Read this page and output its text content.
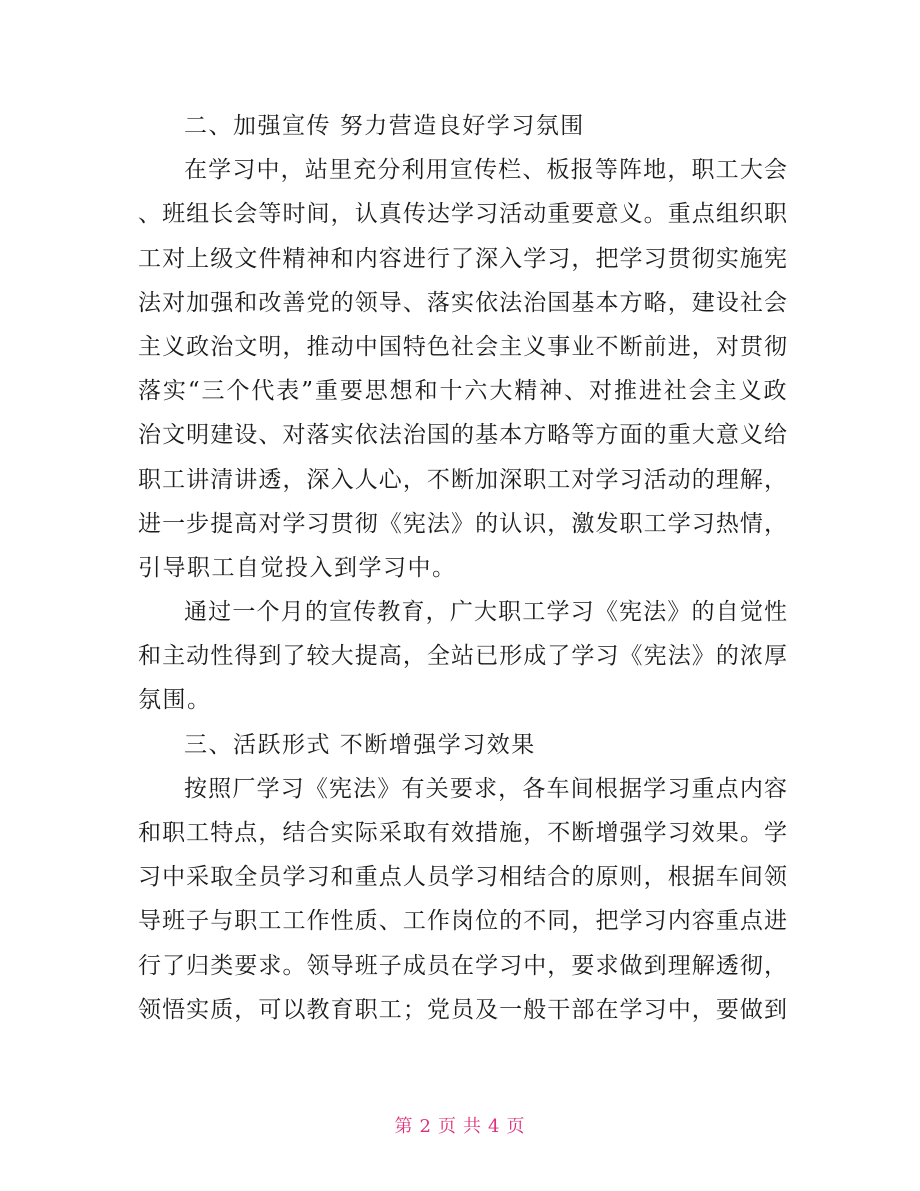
二、加强宣传 努力营造良好学习氛围
在学习中，站里充分利用宣传栏、板报等阵地，职工大会
、班组长会等时间，认真传达学习活动重要意义。重点组织职
工对上级文件精神和内容进行了深入学习，把学习贯彻实施宪
法对加强和改善党的领导、落实依法治国基本方略，建设社会
主义政治文明，推动中国特色社会主义事业不断前进，对贯彻
落实“三个代表”重要思想和十六大精神、对推进社会主义政
治文明建设、对落实依法治国的基本方略等方面的重大意义给
职工讲清讲透，深入人心，不断加深职工对学习活动的理解，
进一步提高对学习贯彻《宪法》的认识，激发职工学习热情，
引导职工自觉投入到学习中。
通过一个月的宣传教育，广大职工学习《宪法》的自觉性
和主动性得到了较大提高，全站已形成了学习《宪法》的浓厚
氛围。
三、活跃形式 不断增强学习效果
按照厂学习《宪法》有关要求，各车间根据学习重点内容
和职工特点，结合实际采取有效措施，不断增强学习效果。学
习中采取全员学习和重点人员学习相结合的原则，根据车间领
导班子与职工工作性质、工作岗位的不同，把学习内容重点进
行了归类要求。领导班子成员在学习中，要求做到理解透彻，
领悟实质，可以教育职工；党员及一般干部在学习中，要做到
第 2 页 共 4 页
